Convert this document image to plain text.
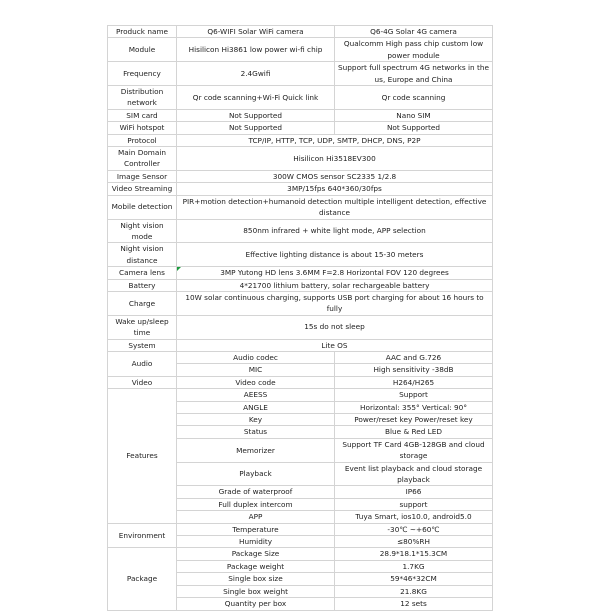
Produck name	Q6-WIFI Solar WiFi camera	Q6-4G Solar 4G camera
Module	Hisilicon Hi3861 low power wi-fi chip	Qualcomm High pass chip custom low power module
Frequency	2.4Gwifi	Support full spectrum 4G networks in the us, Europe and China
Distribution network	Qr code scanning+Wi-Fi Quick link	Qr code scanning
SIM card	Not Supported	Nano SIM
WiFi hotspot	Not Supported	Not Supported
Protocol	TCP/IP, HTTP, TCP, UDP, SMTP, DHCP, DNS, P2P	
Main Domain Controller	Hisilicon Hi3518EV300	
Image Sensor	300W CMOS sensor SC2335 1/2.8	
Video Streaming	3MP/15fps 640*360/30fps	
Mobile detection	PIR+motion detection+humanoid detection multiple intelligent detection, effective distance	
Night vision mode	850nm infrared + white light mode, APP selection	
Night vision distance	Effective lighting distance is about 15-30 meters	
Camera lens	3MP Yutong HD lens 3.6MM F=2.8 Horizontal FOV 120 degrees	
Battery	4*21700 lithium battery, solar rechargeable battery	
Charge	10W solar continuous charging, supports USB port charging for about 16 hours to fully	
Wake up/sleep time	15s do not sleep	
System	Lite OS	
Audio	Audio codec	AAC and G.726
	MIC	High sensitivity -38dB
Video	Video code	H264/H265
Features	AEESS	Support
	ANGLE	Horizontal: 355° Vertical: 90°
	Key	Power/reset key Power/reset key
	Status	Blue & Red LED
	Memorizer	Support TF Card 4GB-128GB and cloud storage
	Playback	Event list playback and cloud storage playback
	Grade of waterproof	IP66
	Full duplex intercom	support
	APP	Tuya Smart, ios10.0, android5.0
Environment	Temperature	-30℃ ~+60℃
	Humidity	≤80%RH
Package	Package Size	28.9*18.1*15.3CM
	Package weight	1.7KG
	Single box size	59*46*32CM
	Single box weight	21.8KG
	Quantity per box	12 sets
